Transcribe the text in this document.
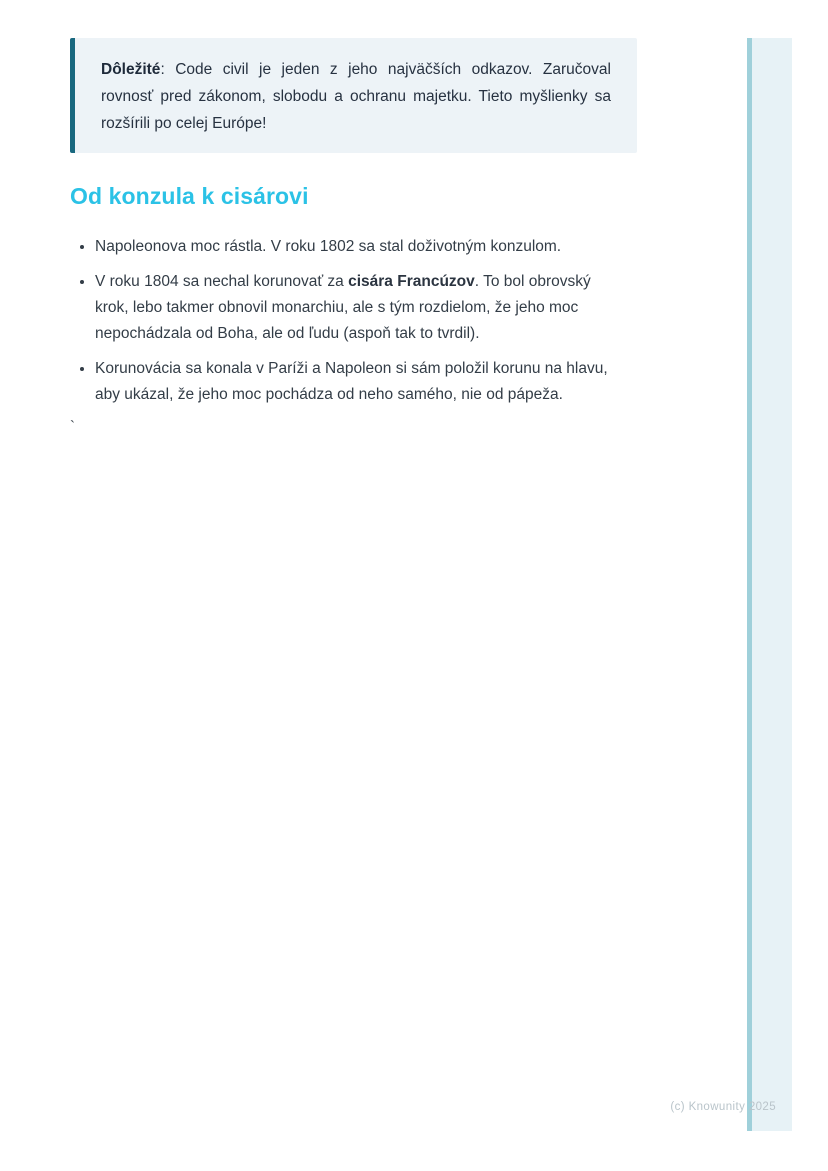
Dôležité: Code civil je jeden z jeho najväčších odkazov. Zaručoval rovnosť pred zákonom, slobodu a ochranu majetku. Tieto myšlienky sa rozšírili po celej Európe!

Od konzula k cisárovi
• Napoleonova moc rástla. V roku 1802 sa stal doživotným konzulom.
• V roku 1804 sa nechal korunovať za cisára Francúzov. To bol obrovský krok, lebo takmer obnovil monarchiu, ale s tým rozdielom, že jeho moc nepochádzala od Boha, ale od ľudu (aspoň tak to tvrdil).
• Korunovácia sa konala v Paríži a Napoleon si sám položil korunu na hlavu, aby ukázal, že jeho moc pochádza od neho samého, nie od pápeža.
`
(c) Knowunity 2025
